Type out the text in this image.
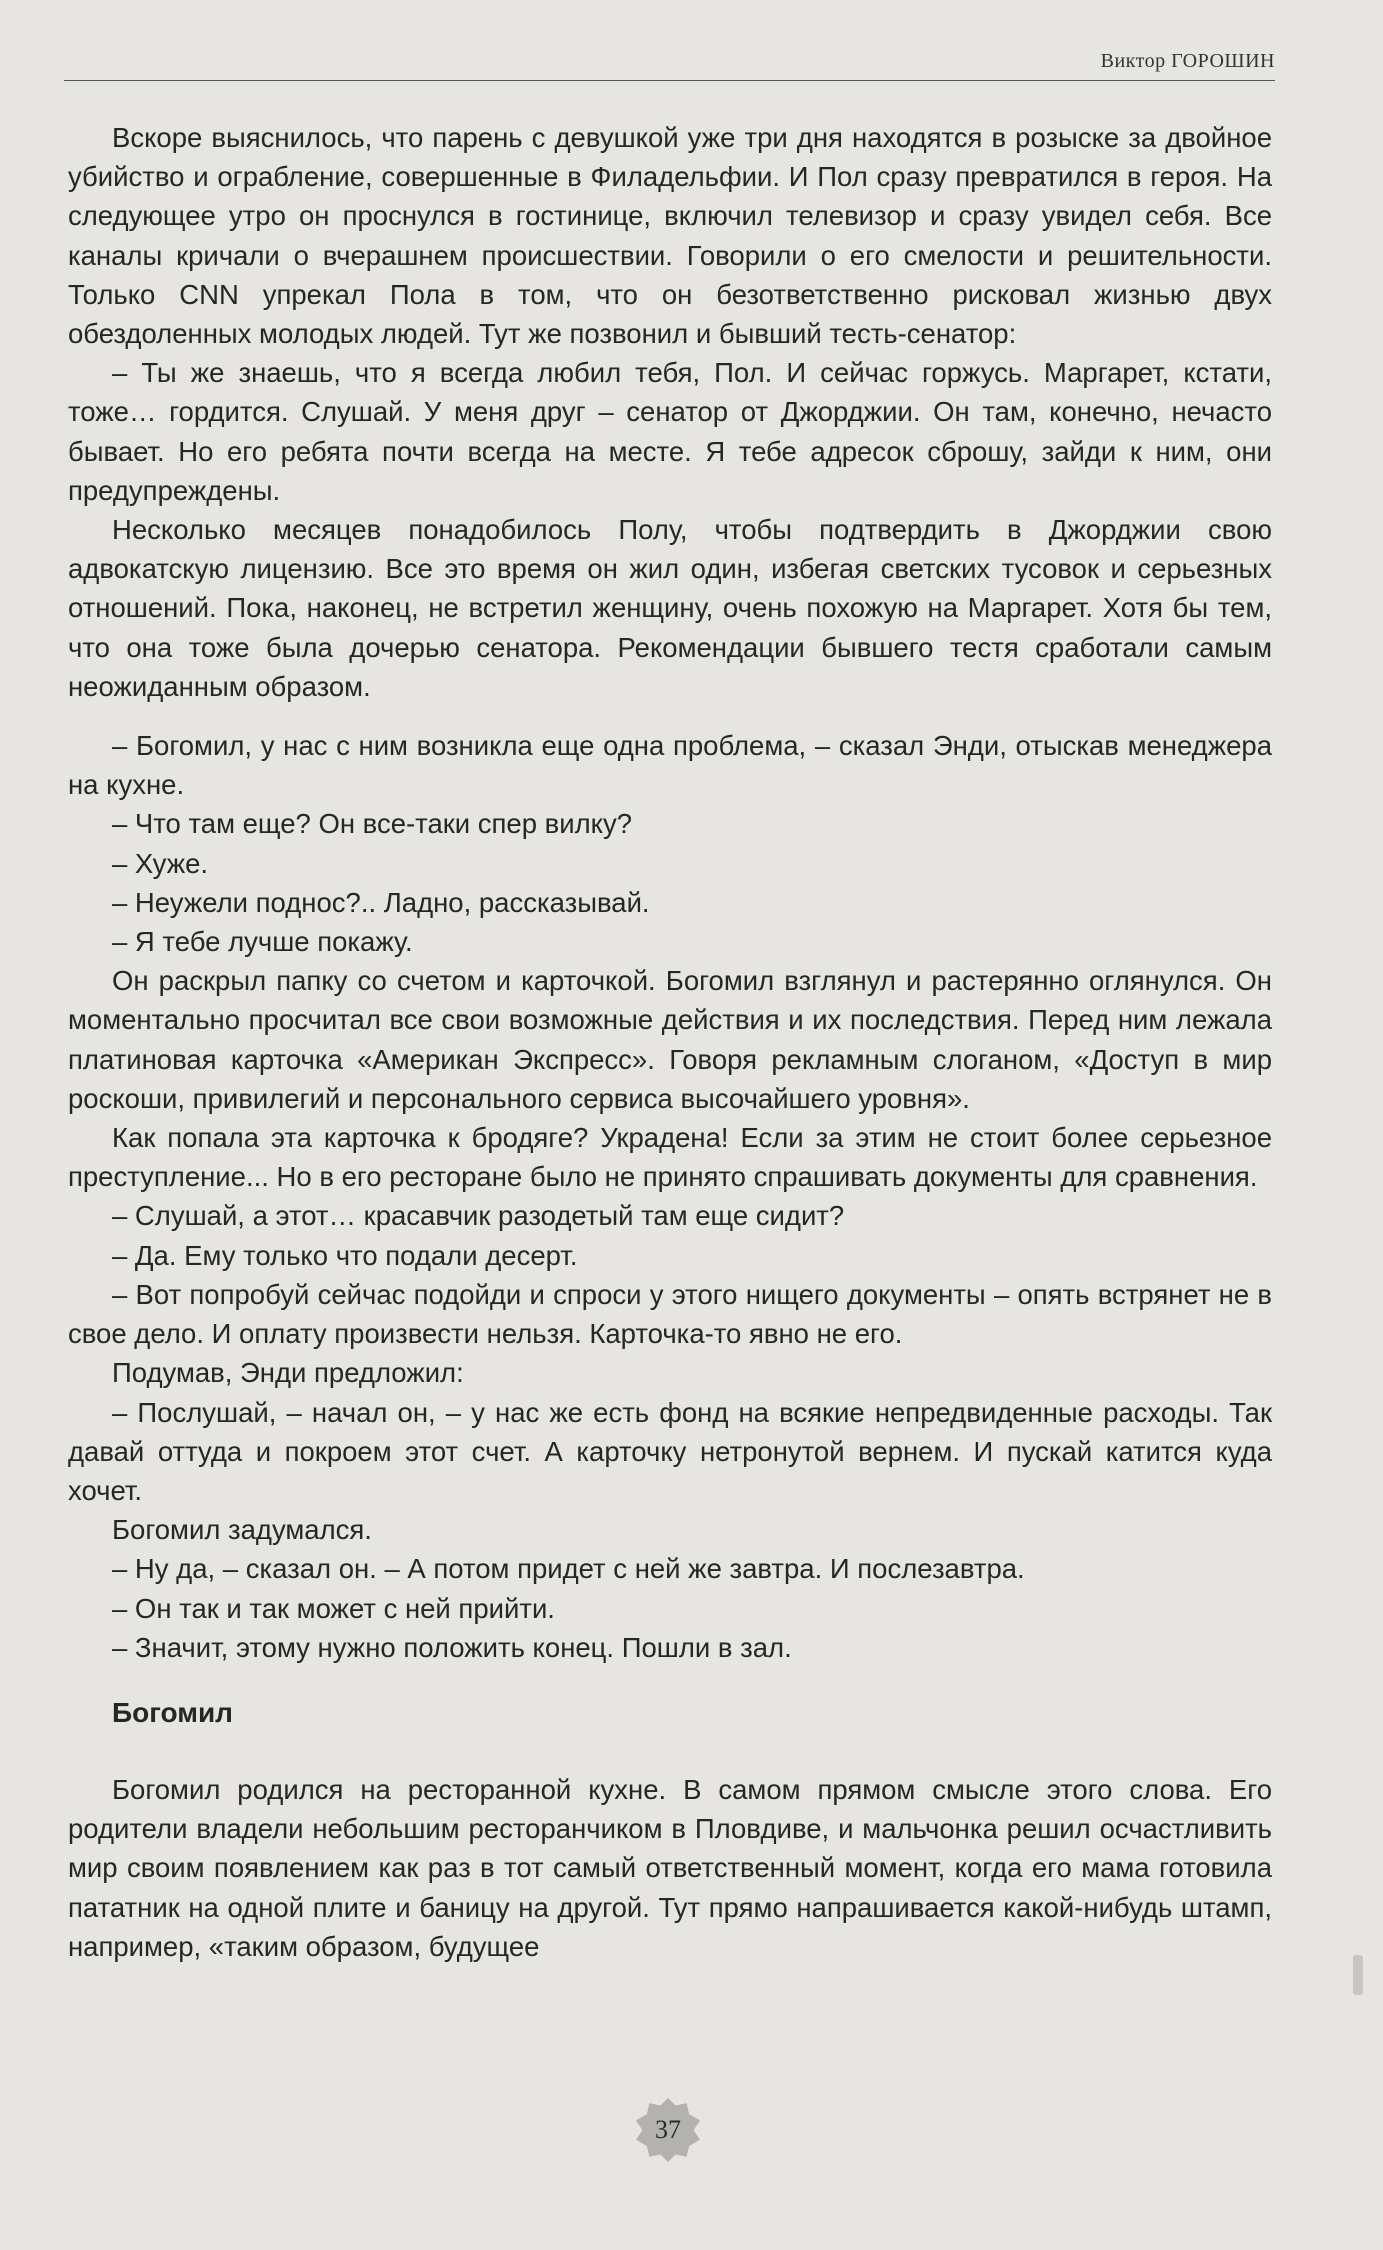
Виктор ГОРОШИН

Вскоре выяснилось, что парень с девушкой уже три дня находятся в розыске за двойное убийство и ограбление, совершенные в Филадельфии. И Пол сразу превратился в героя. На следующее утро он проснулся в гостинице, включил телевизор и сразу увидел себя. Все каналы кричали о вчерашнем происшествии. Говорили о его смелости и решительности. Только CNN упрекал Пола в том, что он безответственно рисковал жизнью двух обездоленных молодых людей. Тут же позвонил и бывший тесть-сенатор:

– Ты же знаешь, что я всегда любил тебя, Пол. И сейчас горжусь. Маргарет, кстати, тоже… гордится. Слушай. У меня друг – сенатор от Джорджии. Он там, конечно, нечасто бывает. Но его ребята почти всегда на месте. Я тебе адресок сброшу, зайди к ним, они предупреждены.

Несколько месяцев понадобилось Полу, чтобы подтвердить в Джорджии свою адвокатскую лицензию. Все это время он жил один, избегая светских тусовок и серьезных отношений. Пока, наконец, не встретил женщину, очень похожую на Маргарет. Хотя бы тем, что она тоже была дочерью сенатора. Рекомендации бывшего тестя сработали самым неожиданным образом.

– Богомил, у нас с ним возникла еще одна проблема, – сказал Энди, отыскав менеджера на кухне.

– Что там еще? Он все-таки спер вилку?

– Хуже.

– Неужели поднос?.. Ладно, рассказывай.

– Я тебе лучше покажу.

Он раскрыл папку со счетом и карточкой. Богомил взглянул и растерянно оглянулся. Он моментально просчитал все свои возможные действия и их последствия. Перед ним лежала платиновая карточка «Американ Экспресс». Говоря рекламным слоганом, «Доступ в мир роскоши, привилегий и персонального сервиса высочайшего уровня».

Как попала эта карточка к бродяге? Украдена! Если за этим не стоит более серьезное преступление... Но в его ресторане было не принято спрашивать документы для сравнения.

– Слушай, а этот… красавчик разодетый там еще сидит?

– Да. Ему только что подали десерт.

– Вот попробуй сейчас подойди и спроси у этого нищего документы – опять встрянет не в свое дело. И оплату произвести нельзя. Карточка-то явно не его.

Подумав, Энди предложил:

– Послушай, – начал он, – у нас же есть фонд на всякие непредвиденные расходы. Так давай оттуда и покроем этот счет. А карточку нетронутой вернем. И пускай катится куда хочет.

Богомил задумался.

– Ну да, – сказал он. – А потом придет с ней же завтра. И послезавтра.

– Он так и так может с ней прийти.

– Значит, этому нужно положить конец. Пошли в зал.

Богомил

Богомил родился на ресторанной кухне. В самом прямом смысле этого слова. Его родители владели небольшим ресторанчиком в Пловдиве, и мальчонка решил осчастливить мир своим появлением как раз в тот самый ответственный момент, когда его мама готовила пататник на одной плите и баницу на другой. Тут прямо напрашивается какой-нибудь штамп, например, «таким образом, будущее

37
